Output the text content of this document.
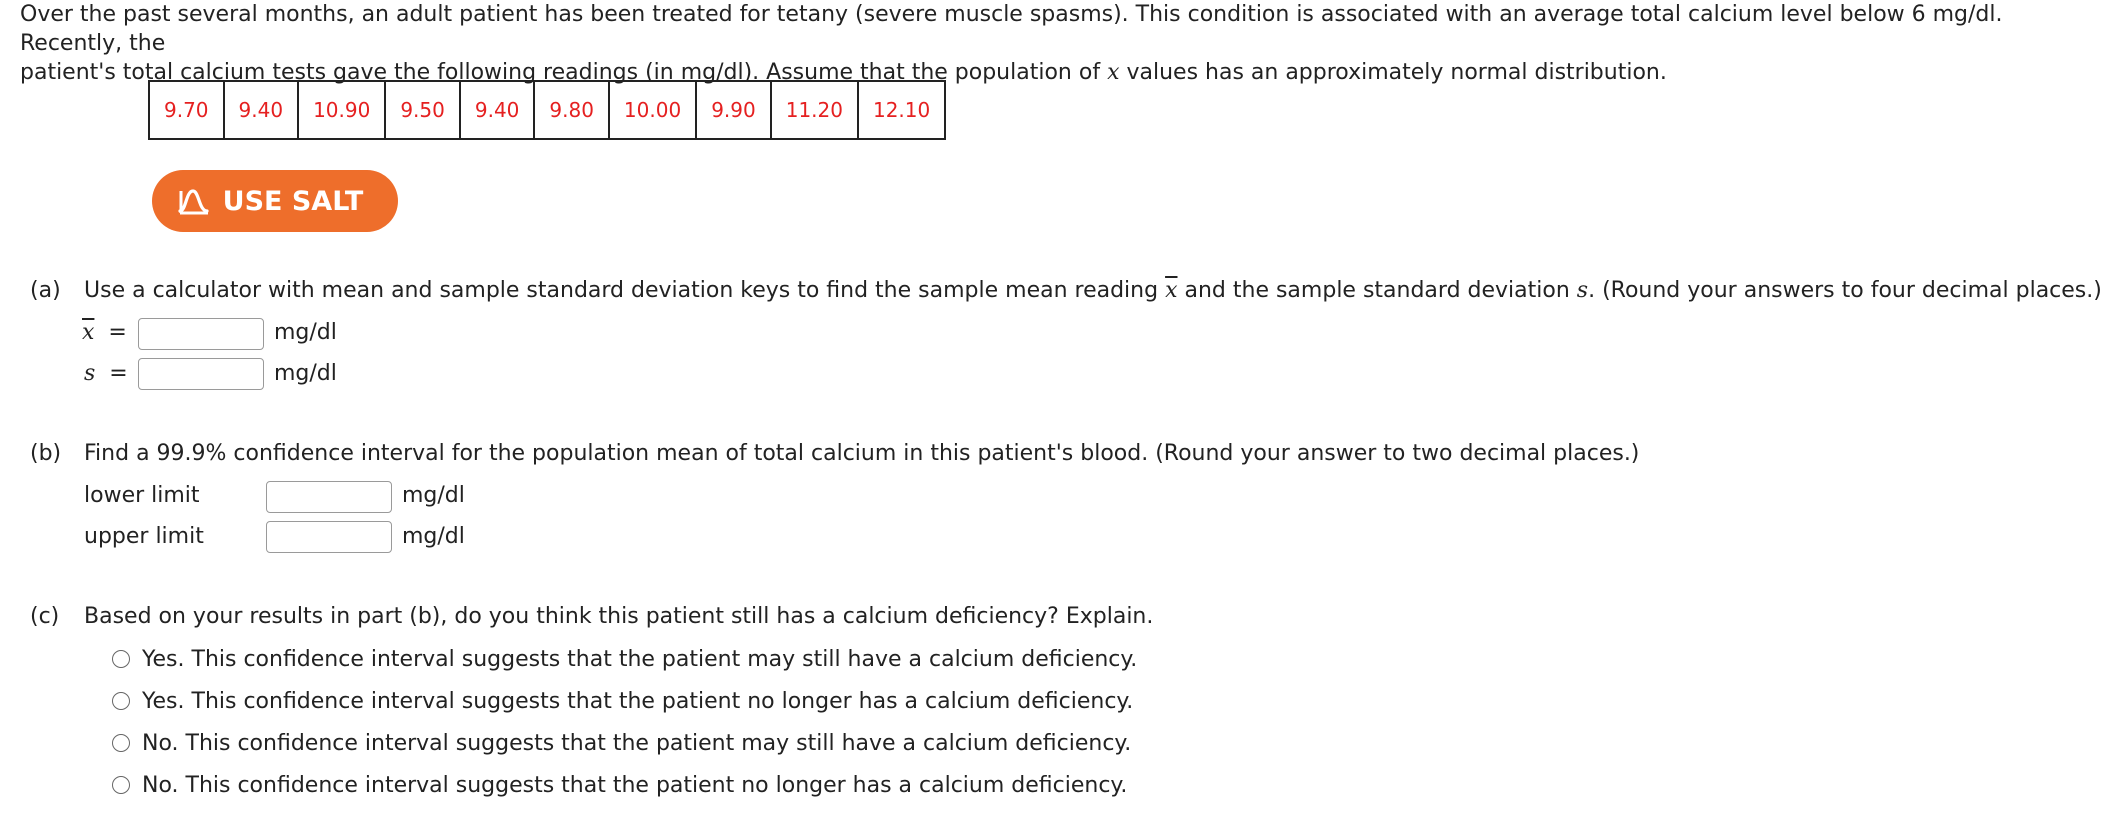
Over the past several months, an adult patient has been treated for tetany (severe muscle spasms). This condition is associated with an average total calcium level below 6 mg/dl. Recently, the
patient's total calcium tests gave the following readings (in mg/dl). Assume that the population of x values has an approximately normal distribution.
9.70	9.40	10.90	9.50	9.40	9.80	10.00	9.90	11.20	12.10
USE SALT
(a) Use a calculator with mean and sample standard deviation keys to find the sample mean reading $\overline{x}$ and the sample standard deviation s. (Round your answers to four decimal places.)
$\overline{x}$ =	mg/dl
s =	mg/dl
(b) Find a 99.9% confidence interval for the population mean of total calcium in this patient's blood. (Round your answer to two decimal places.)
lower limit	mg/dl
upper limit	mg/dl
(c) Based on your results in part (b), do you think this patient still has a calcium deficiency? Explain.
Yes. This confidence interval suggests that the patient may still have a calcium deficiency.
Yes. This confidence interval suggests that the patient no longer has a calcium deficiency.
No. This confidence interval suggests that the patient may still have a calcium deficiency.
No. This confidence interval suggests that the patient no longer has a calcium deficiency.
